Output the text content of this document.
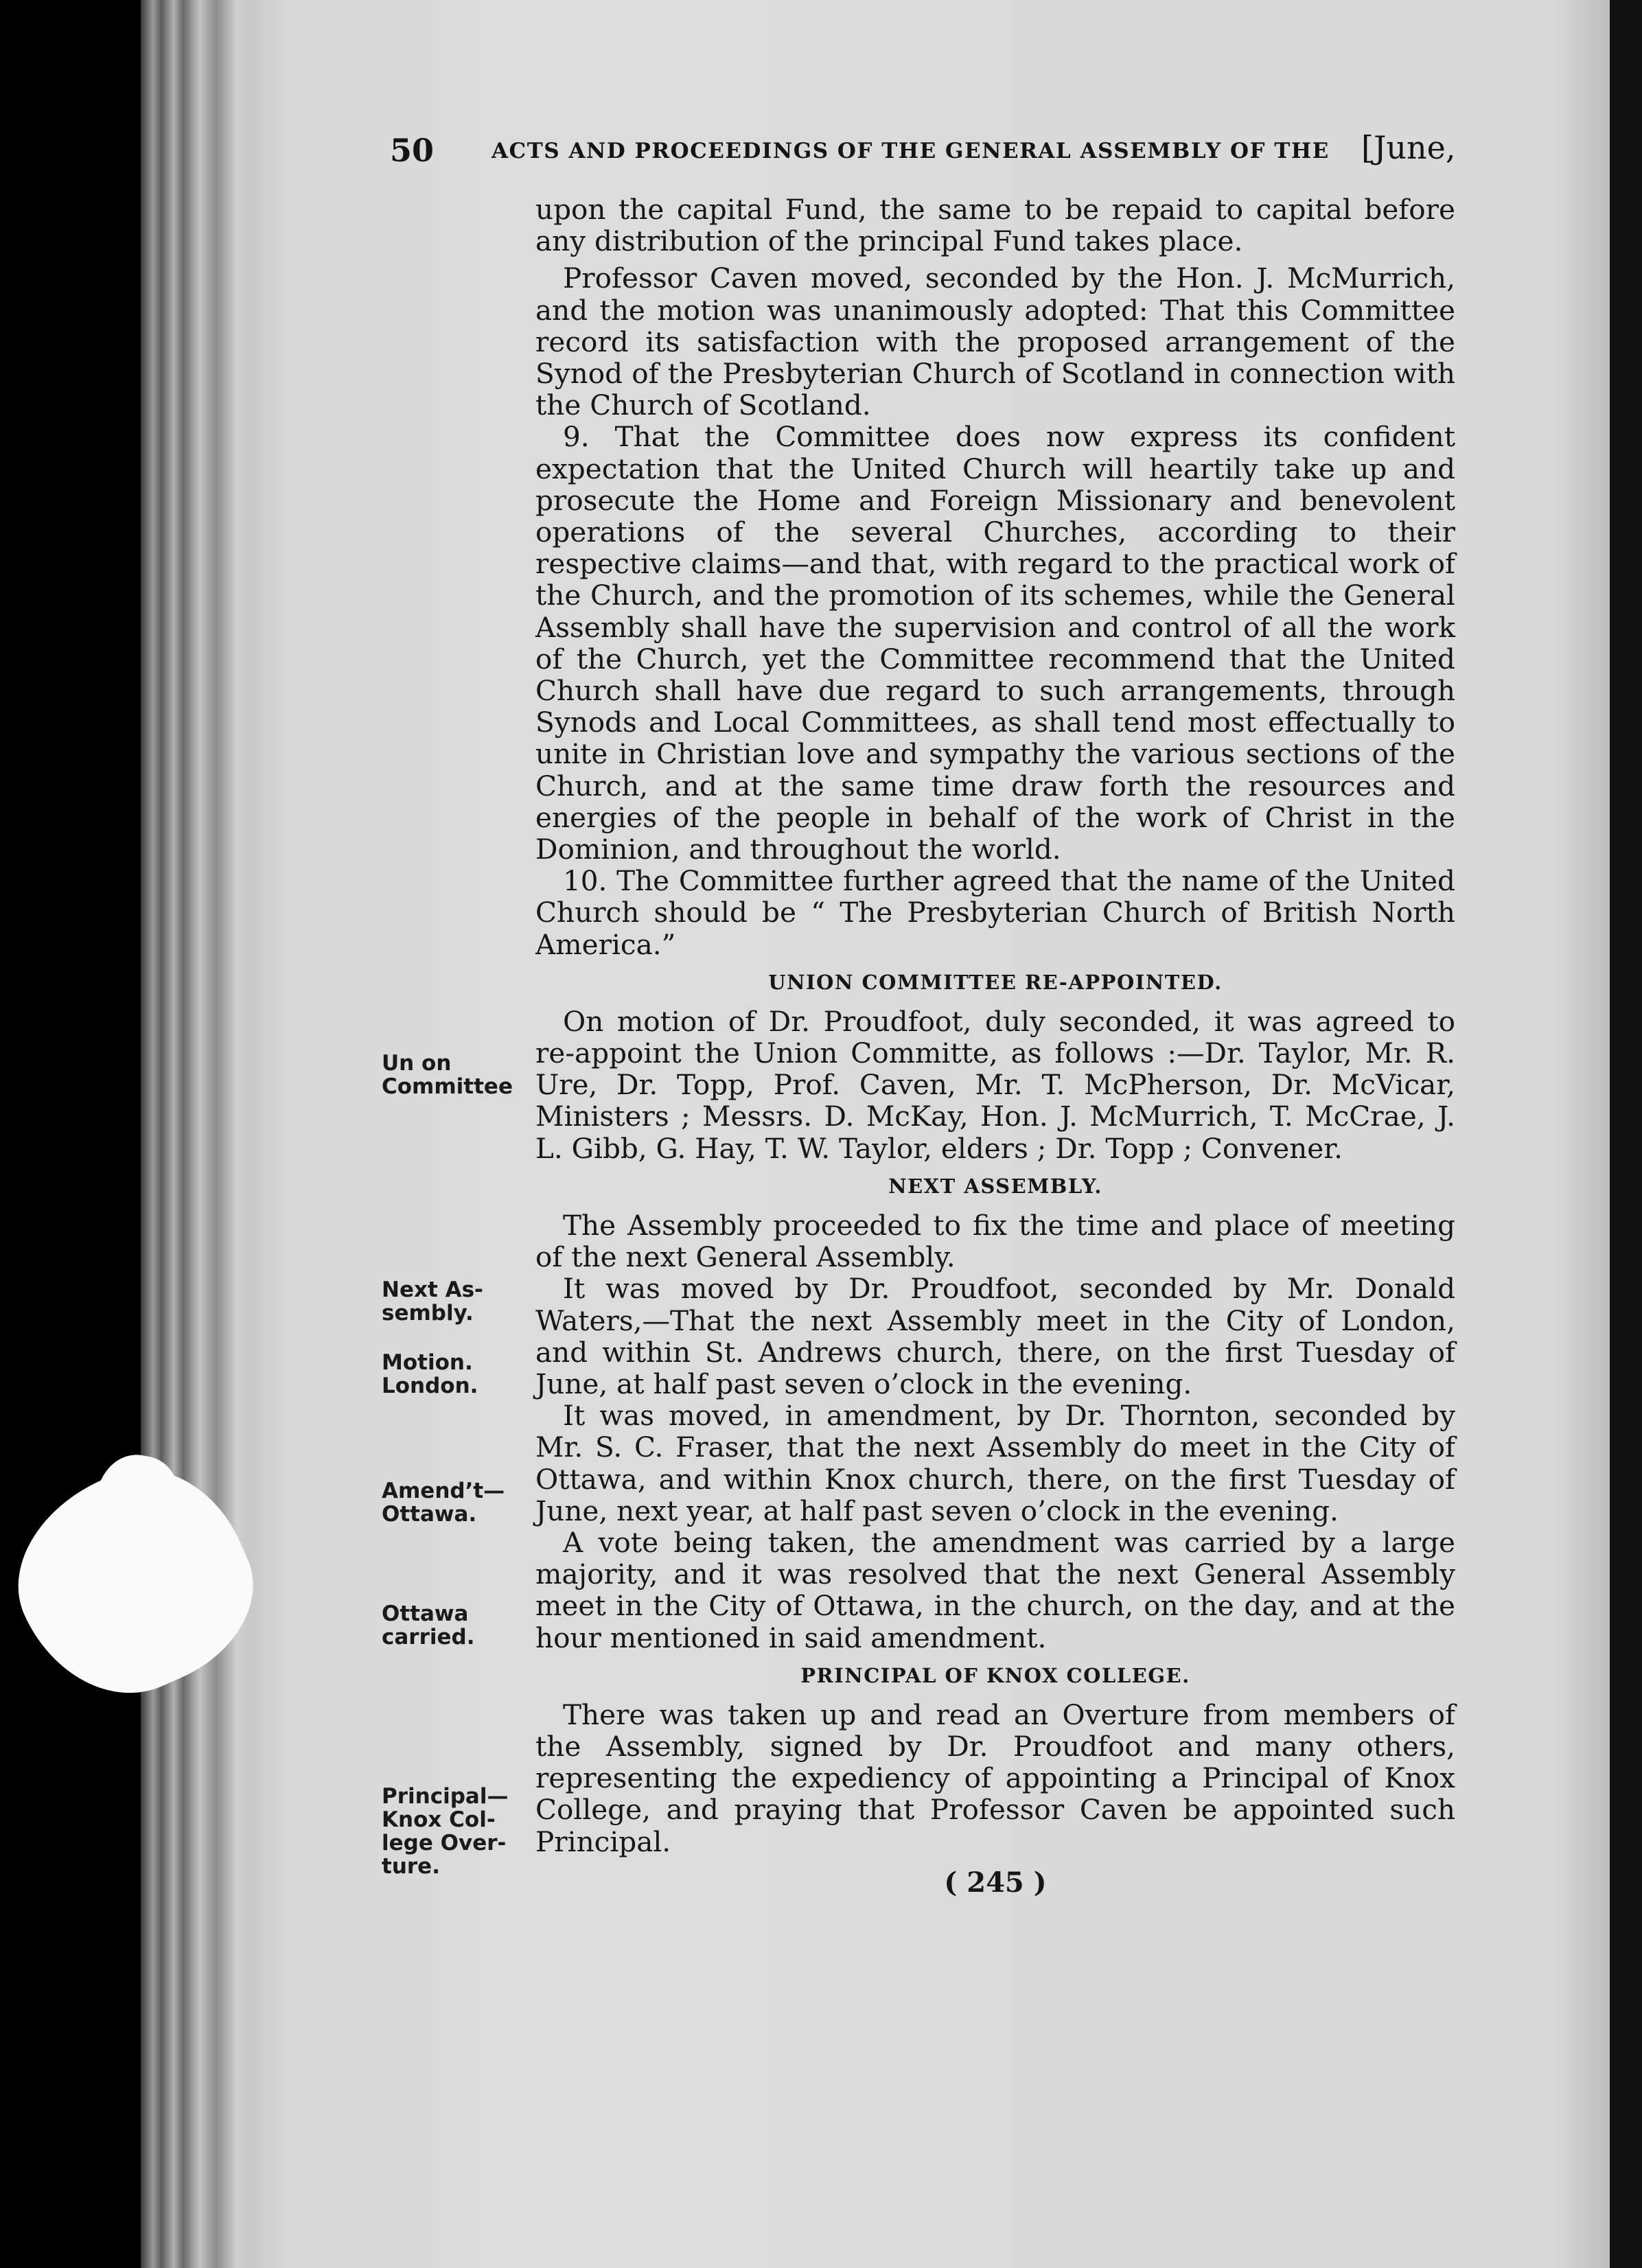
50	ACTS AND PROCEEDINGS OF THE GENERAL ASSEMBLY OF THE [June,

upon the capital Fund, the same to be repaid to capital before any distribution of the principal Fund takes place.

Professor Caven moved, seconded by the Hon. J. McMurrich, and the motion was unanimously adopted: That this Committee record its satisfaction with the proposed arrangement of the Synod of the Presbyterian Church of Scotland in connection with the Church of Scotland.

9. That the Committee does now express its confident expectation that the United Church will heartily take up and prosecute the Home and Foreign Missionary and benevolent operations of the several Churches, according to their respective claims—and that, with regard to the practical work of the Church, and the promotion of its schemes, while the General Assembly shall have the supervision and control of all the work of the Church, yet the Committee recommend that the United Church shall have due regard to such arrangements, through Synods and Local Committees, as shall tend most effectually to unite in Christian love and sympathy the various sections of the Church, and at the same time draw forth the resources and energies of the people in behalf of the work of Christ in the Dominion, and throughout the world.

10. The Committee further agreed that the name of the United Church should be “ The Presbyterian Church of British North America.”

UNION COMMITTEE RE-APPOINTED.

On motion of Dr. Proudfoot, duly seconded, it was agreed to re-appoint the Union Committe, as follows :—Dr. Taylor, Mr. R. Ure, Dr. Topp, Prof. Caven, Mr. T. McPherson, Dr. McVicar, Ministers ; Messrs. D. McKay, Hon. J. McMurrich, T. McCrae, J. L. Gibb, G. Hay, T. W. Taylor, elders ; Dr. Topp ; Convener.

NEXT ASSEMBLY.

The Assembly proceeded to fix the time and place of meeting of the next General Assembly.

It was moved by Dr. Proudfoot, seconded by Mr. Donald Waters,—That the next Assembly meet in the City of London, and within St. Andrews church, there, on the first Tuesday of June, at half past seven o’clock in the evening.

It was moved, in amendment, by Dr. Thornton, seconded by Mr. S. C. Fraser, that the next Assembly do meet in the City of Ottawa, and within Knox church, there, on the first Tuesday of June, next year, at half past seven o’clock in the evening.

A vote being taken, the amendment was carried by a large majority, and it was resolved that the next General Assembly meet in the City of Ottawa, in the church, on the day, and at the hour mentioned in said amendment.

PRINCIPAL OF KNOX COLLEGE.

There was taken up and read an Overture from members of the Assembly, signed by Dr. Proudfoot and many others, representing the expediency of appointing a Principal of Knox College, and praying that Professor Caven be appointed such Principal.

( 245 )
Un on
Committee
Next As-
sembly.
Motion.
London.
Amend’t—
Ottawa.
Ottawa
carried.
Principal—
Knox Col-
lege Over-
ture.
